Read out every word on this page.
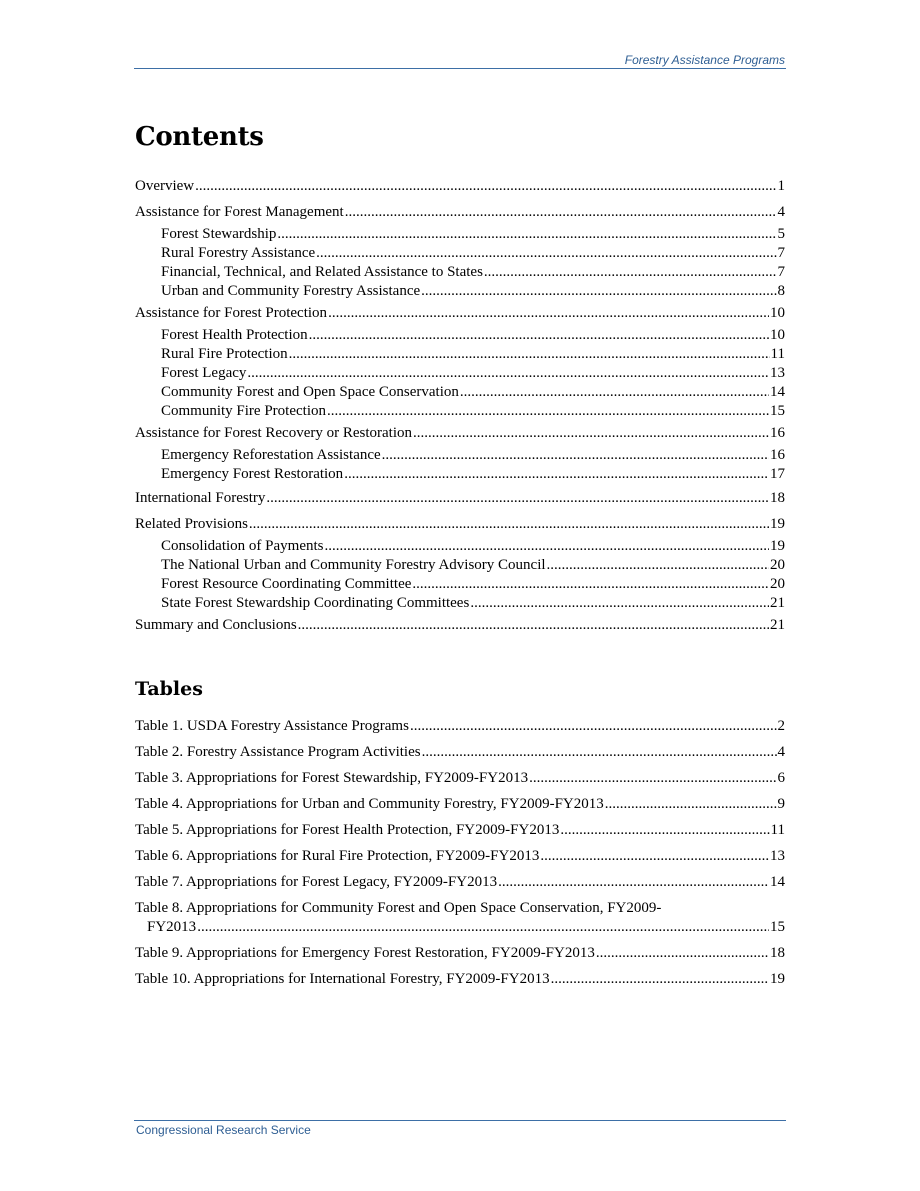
Forestry Assistance Programs
Contents
Overview .....	1
Assistance for Forest Management .....	4
Forest Stewardship .....	5
Rural Forestry Assistance .....	7
Financial, Technical, and Related Assistance to States .....	7
Urban and Community Forestry Assistance .....	8
Assistance for Forest Protection .....	10
Forest Health Protection .....	10
Rural Fire Protection .....	11
Forest Legacy .....	13
Community Forest and Open Space Conservation .....	14
Community Fire Protection .....	15
Assistance for Forest Recovery or Restoration .....	16
Emergency Reforestation Assistance .....	16
Emergency Forest Restoration .....	17
International Forestry .....	18
Related Provisions .....	19
Consolidation of Payments .....	19
The National Urban and Community Forestry Advisory Council .....	20
Forest Resource Coordinating Committee .....	20
State Forest Stewardship Coordinating Committees .....	21
Summary and Conclusions .....	21
Tables
Table 1. USDA Forestry Assistance Programs .....	2
Table 2. Forestry Assistance Program Activities .....	4
Table 3. Appropriations for Forest Stewardship, FY2009-FY2013 .....	6
Table 4. Appropriations for Urban and Community Forestry, FY2009-FY2013 .....	9
Table 5. Appropriations for Forest Health Protection, FY2009-FY2013 .....	11
Table 6. Appropriations for Rural Fire Protection, FY2009-FY2013 .....	13
Table 7. Appropriations for Forest Legacy, FY2009-FY2013 .....	14
Table 8. Appropriations for Community Forest and Open Space Conservation, FY2009-
FY2013 .....	15
Table 9. Appropriations for Emergency Forest Restoration, FY2009-FY2013 .....	18
Table 10. Appropriations for International Forestry, FY2009-FY2013 .....	19
Congressional Research Service
